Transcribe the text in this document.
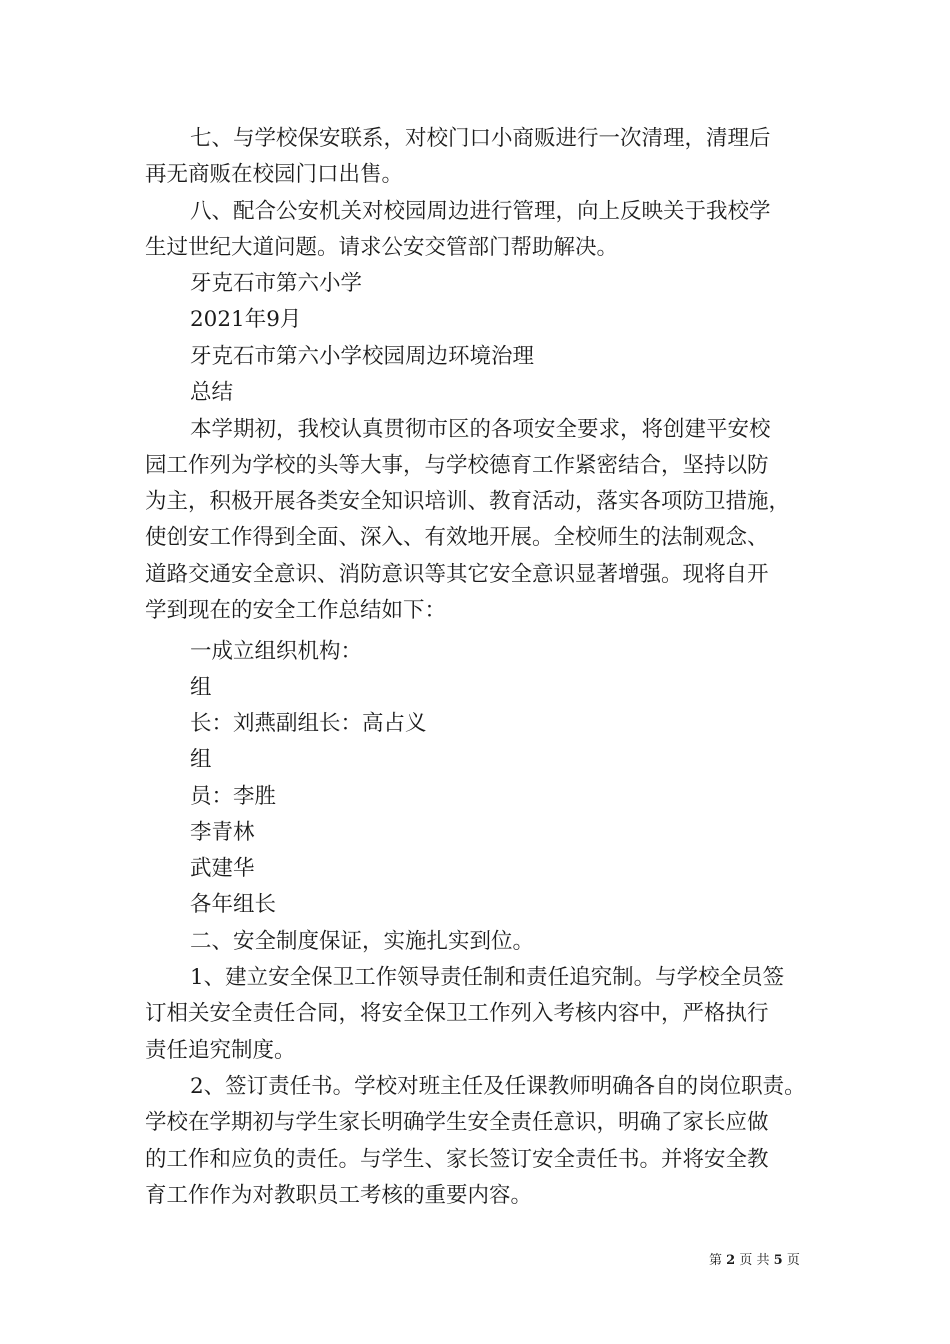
七、与学校保安联系，对校门口小商贩进行一次清理，清理后
再无商贩在校园门口出售。
八、配合公安机关对校园周边进行管理，向上反映关于我校学
生过世纪大道问题。请求公安交管部门帮助解决。
牙克石市第六小学
2021年9月
牙克石市第六小学校园周边环境治理
总结
本学期初，我校认真贯彻市区的各项安全要求，将创建平安校
园工作列为学校的头等大事，与学校德育工作紧密结合，坚持以防
为主，积极开展各类安全知识培训、教育活动，落实各项防卫措施，
使创安工作得到全面、深入、有效地开展。全校师生的法制观念、
道路交通安全意识、消防意识等其它安全意识显著增强。现将自开
学到现在的安全工作总结如下：
一成立组织机构：
组
长：刘燕副组长：高占义
组
员：李胜
李青林
武建华
各年组长
二、安全制度保证，实施扎实到位。
1、建立安全保卫工作领导责任制和责任追究制。与学校全员签
订相关安全责任合同，将安全保卫工作列入考核内容中，严格执行
责任追究制度。
2、签订责任书。学校对班主任及任课教师明确各自的岗位职责。
学校在学期初与学生家长明确学生安全责任意识，明确了家长应做
的工作和应负的责任。与学生、家长签订安全责任书。并将安全教
育工作作为对教职员工考核的重要内容。
第 2 页 共 5 页
